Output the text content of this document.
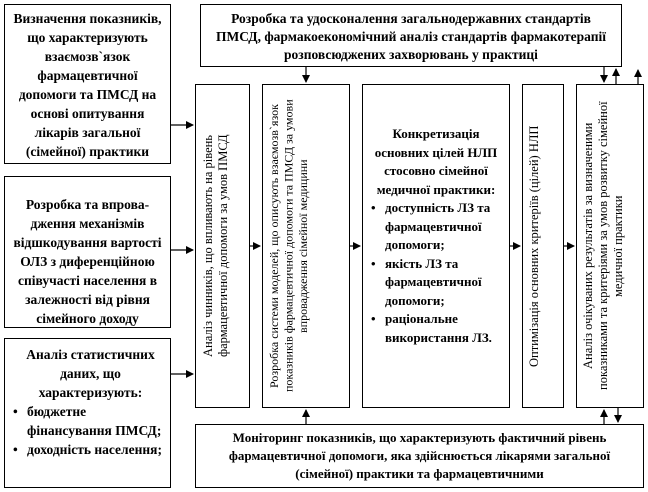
Визначення показників, що характеризують взаємозв`язок фармацевтичної допомоги та ПМСД на основі опитування лікарів загальної (сімейної) практики
Розробка та впрова-дження механізмів відшкодування вартості ОЛЗ з диференційною співучасті населення в залежності від рівня сімейного доходу
Аналіз статистичних даних, що характеризують:
• бюджетне фінансування ПМСД;
• доходність населення;
Розробка та удосконалення загальнодержавних стандартів ПМСД, фармакоекономічний аналіз стандартів фармакотерапії розповсюджених захворювань у практиці
Аналіз чинників, що впливають на рівень фармацевтичної допомоги за умов ПМСД	Розробка системи моделей, що описують взаємозв`язок показників фармацевтичної допомоги та ПМСД за умови впровадження сімейної медицини
Конкретизація основних цілей НЛП стосовно сімейної медичної практики:
• доступність ЛЗ та фармацевтичної допомоги;
• якість ЛЗ та фармацевтичної допомоги;
• раціональне використання ЛЗ.	Оптимізація основних критеріїв (цілей) НЛП	Аналіз очікуваних результатів за визначеними показниками та критеріями за умов розвитку сімейної медичної практики
Моніторинг показників, що характеризують фактичний рівень фармацевтичної допомоги, яка здійснюється лікарями загальної (сімейної) практики та фармацевтичними
